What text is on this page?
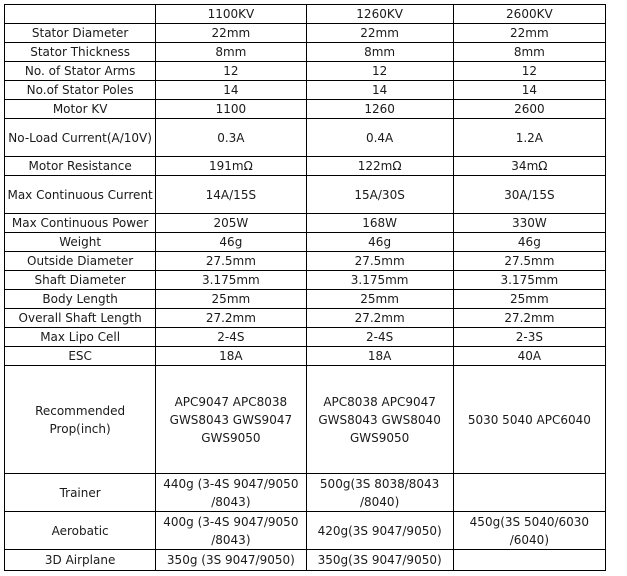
	1100KV	1260KV	2600KV
Stator Diameter	22mm	22mm	22mm
Stator Thickness	8mm	8mm	8mm
No. of Stator Arms	12	12	12
No.of Stator Poles	14	14	14
Motor KV	1100	1260	2600
No-Load Current(A/10V)	0.3A	0.4A	1.2A
Motor Resistance	191mΩ	122mΩ	34mΩ
Max Continuous Current	14A/15S	15A/30S	30A/15S
Max Continuous Power	205W	168W	330W
Weight	46g	46g	46g
Outside Diameter	27.5mm	27.5mm	27.5mm
Shaft Diameter	3.175mm	3.175mm	3.175mm
Body Length	25mm	25mm	25mm
Overall Shaft Length	27.2mm	27.2mm	27.2mm
Max Lipo Cell	2-4S	2-4S	2-3S
ESC	18A	18A	40A
Recommended Prop(inch)	APC9047 APC8038 GWS8043 GWS9047 GWS9050	APC8038 APC9047 GWS8043 GWS8040 GWS9050	5030 5040 APC6040
Trainer	440g (3-4S 9047/9050 /8043)	500g(3S 8038/8043 /8040)	
Aerobatic	400g (3-4S 9047/9050 /8043)	420g(3S 9047/9050)	450g(3S 5040/6030 /6040)
3D Airplane	350g (3S 9047/9050)	350g(3S 9047/9050)	
